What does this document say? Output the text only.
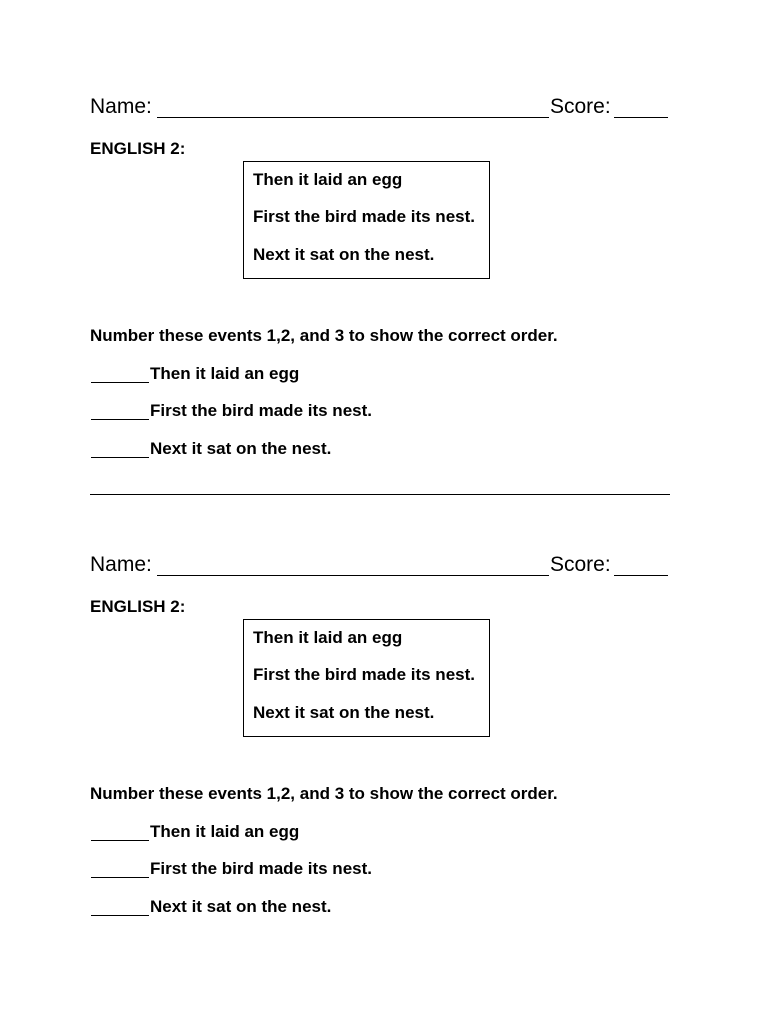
Name:	Score:
ENGLISH 2:
Then it laid an egg
First the bird made its nest.
Next it sat on the nest.
Number these events 1,2, and 3 to show the correct order.
Then it laid an egg
First the bird made its nest.
Next it sat on the nest.
Name:	Score:
ENGLISH 2:
Then it laid an egg
First the bird made its nest.
Next it sat on the nest.
Number these events 1,2, and 3 to show the correct order.
Then it laid an egg
First the bird made its nest.
Next it sat on the nest.
